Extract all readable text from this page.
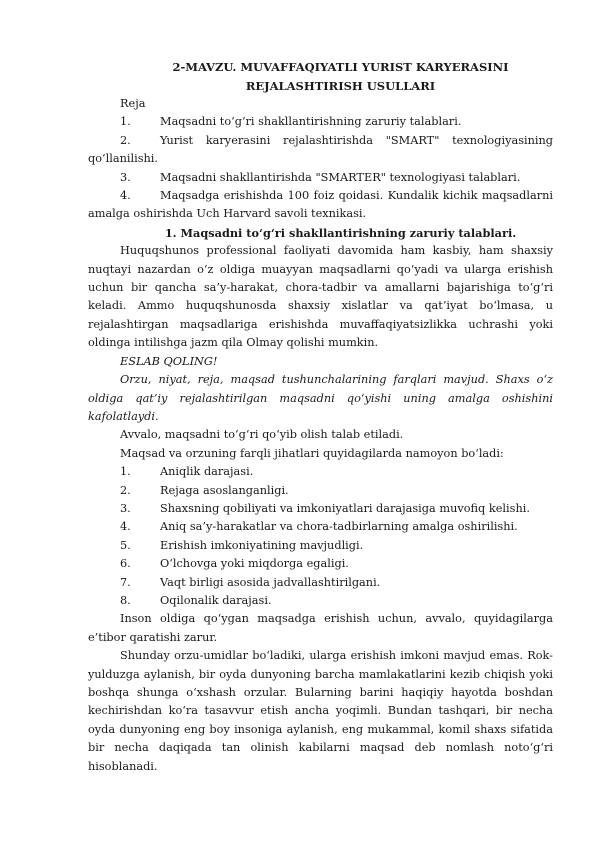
2-MAVZU. MUVAFFAQIYATLI YURIST KARYERASINI
REJALASHTIRISH USULLARI

Reja

1.	Maqsadni to‘g‘ri shakllantirishning zaruriy talablari.

2.	Yurist karyerasini rejalashtirishda "SMART" texnologiyasining qo‘llanilishi.

3.	Maqsadni shakllantirishda "SMARTER" texnologiyasi talablari.

4.	Maqsadga erishishda 100 foiz qoidasi. Kundalik kichik maqsadlarni amalga oshirishda Uch Harvard savoli texnikasi.

1. Maqsadni to‘g‘ri shakllantirishning zaruriy talablari.

Huquqshunos professional faoliyati davomida ham kasbiy, ham shaxsiy nuqtayi nazardan o‘z oldiga muayyan maqsadlarni qo‘yadi va ularga erishish uchun bir qancha sa’y-harakat, chora-tadbir va amallarni bajarishiga to‘g‘ri keladi. Ammo huquqshunosda shaxsiy xislatlar va qat’iyat bo‘lmasa, u rejalashtirgan maqsadlariga erishishda muvaffaqiyatsizlikka uchrashi yoki oldinga intilishga jazm qila Olmay qolishi mumkin.

ESLAB QOLING!

Orzu, niyat, reja, maqsad tushunchalarining farqlari mavjud. Shaxs o‘z oldiga qat’iy rejalashtirilgan maqsadni qo‘yishi uning amalga oshishini kafolatlaydi.

Avvalo, maqsadni to‘g‘ri qo‘yib olish talab etiladi.

Maqsad va orzuning farqli jihatlari quyidagilarda namoyon bo‘ladi:

1.	Aniqlik darajasi.
2.	Rejaga asoslanganligi.
3.	Shaxsning qobiliyati va imkoniyatlari darajasiga muvofiq kelishi.
4.	Aniq sa’y-harakatlar va chora-tadbirlarning amalga oshirilishi.
5.	Erishish imkoniyatining mavjudligi.
6.	O‘lchovga yoki miqdorga egaligi.
7.	Vaqt birligi asosida jadvallashtirilgani.
8.	Oqilonalik darajasi.

Inson oldiga qo‘ygan maqsadga erishish uchun, avvalo, quyidagilarga e’tibor qaratishi zarur.

Shunday orzu-umidlar bo‘ladiki, ularga erishish imkoni mavjud emas. Rok-yulduzga aylanish, bir oyda dunyoning barcha mamlakatlarini kezib chiqish yoki boshqa shunga o‘xshash orzular. Bularning barini haqiqiy hayotda boshdan kechirishdan ko‘ra tasavvur etish ancha yoqimli. Bundan tashqari, bir necha oyda dunyoning eng boy insoniga aylanish, eng mukammal, komil shaxs sifatida bir necha daqiqada tan olinish kabilarni maqsad deb nomlash noto‘g‘ri hisoblanadi.
